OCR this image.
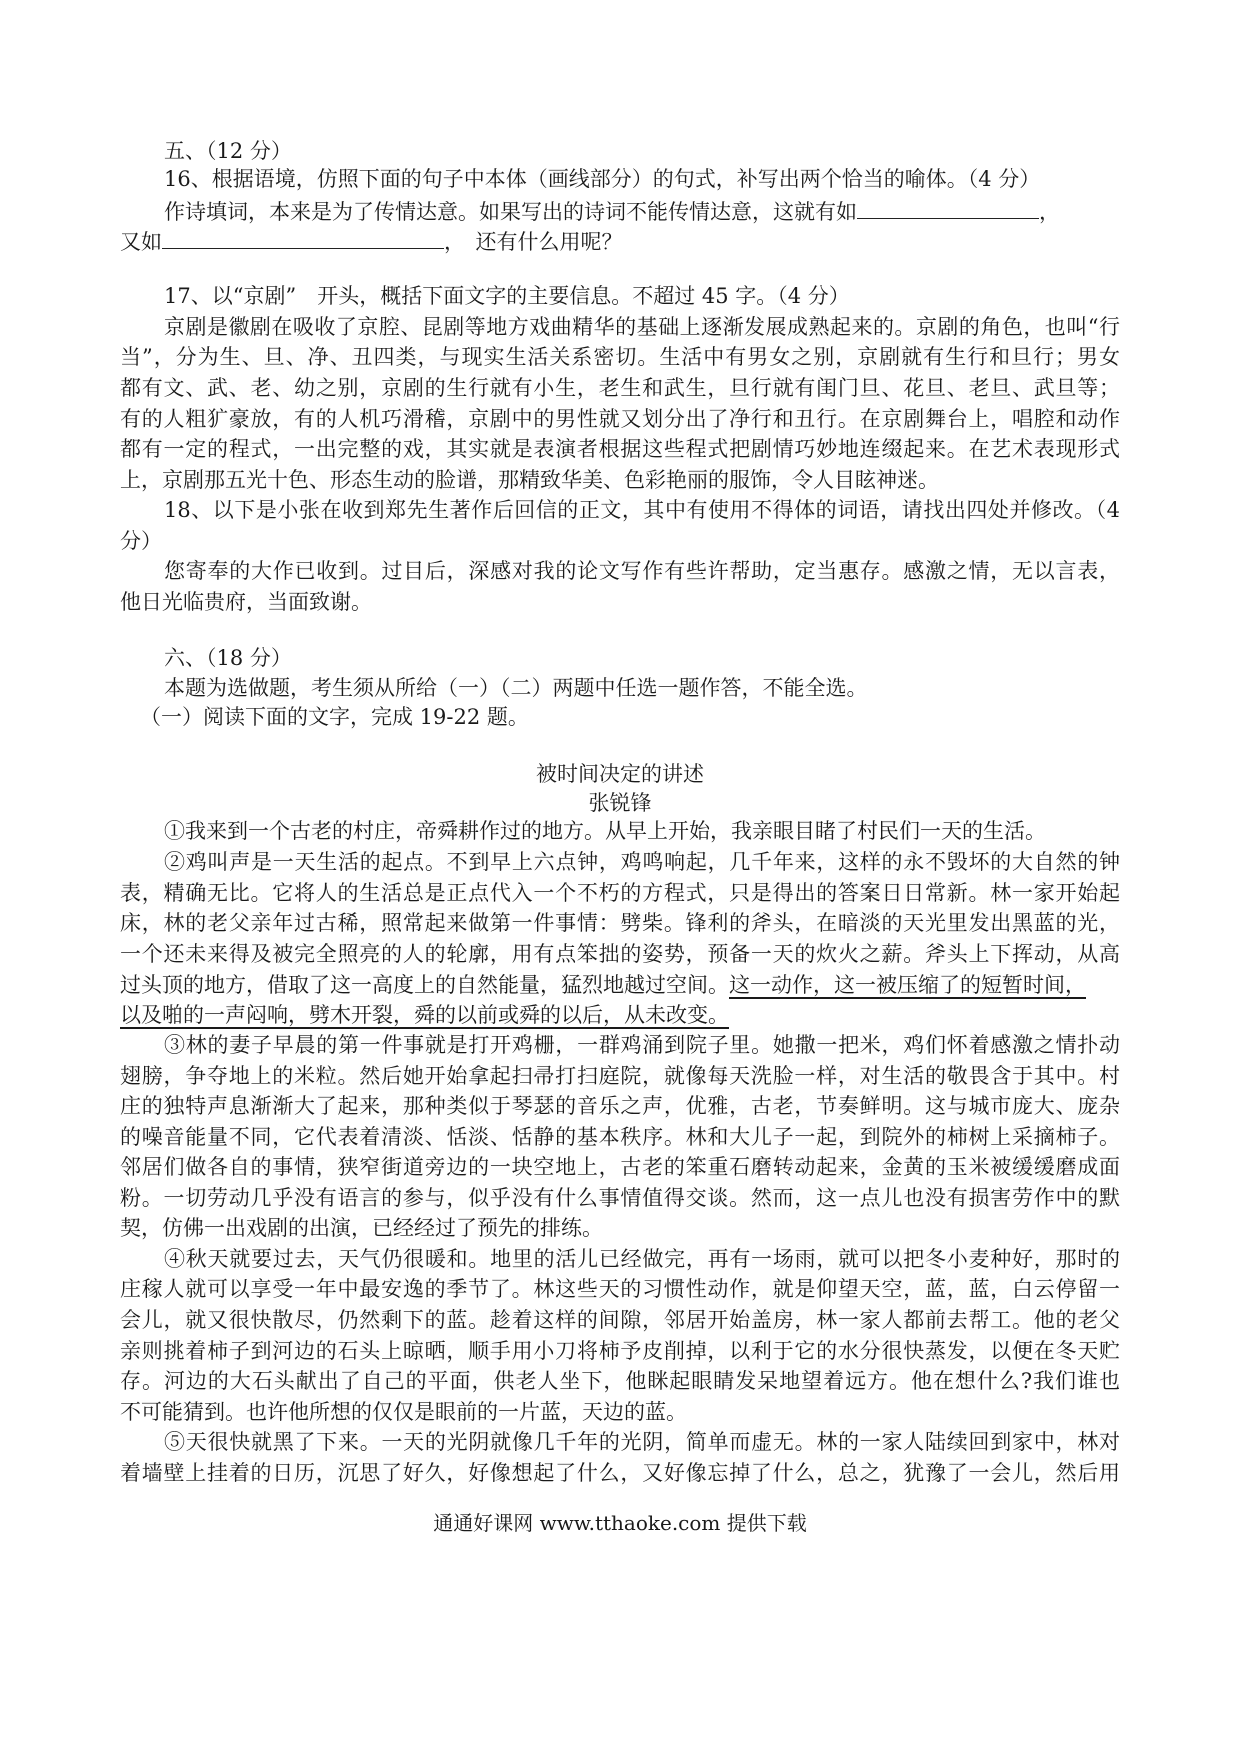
五、（12 分）
16、根据语境，仿照下面的句子中本体（画线部分）的句式，补写出两个恰当的喻体。（4 分）
作诗填词，本来是为了传情达意。如果写出的诗词不能传情达意，这就有如	，
又如	，　还有什么用呢？
17、以“京剧”　开头，概括下面文字的主要信息。不超过 45 字。（4 分）
京剧是徽剧在吸收了京腔、昆剧等地方戏曲精华的基础上逐渐发展成熟起来的。京剧的角色，也叫“行
当”，分为生、旦、净、丑四类，与现实生活关系密切。生活中有男女之别，京剧就有生行和旦行；男女
都有文、武、老、幼之别，京剧的生行就有小生，老生和武生，旦行就有闺门旦、花旦、老旦、武旦等；
有的人粗犷豪放，有的人机巧滑稽，京剧中的男性就又划分出了净行和丑行。在京剧舞台上，唱腔和动作
都有一定的程式，一出完整的戏，其实就是表演者根据这些程式把剧情巧妙地连缀起来。在艺术表现形式
上，京剧那五光十色、形态生动的脸谱，那精致华美、色彩艳丽的服饰，令人目眩神迷。
18、以下是小张在收到郑先生著作后回信的正文，其中有使用不得体的词语，请找出四处并修改。（4
分）
您寄奉的大作已收到。过目后，深感对我的论文写作有些许帮助，定当惠存。感激之情，无以言表，
他日光临贵府，当面致谢。
六、（18 分）
本题为选做题，考生须从所给（一）（二）两题中任选一题作答，不能全选。
（一）阅读下面的文字，完成 19-22 题。
被时间决定的讲述
张锐锋
①我来到一个古老的村庄，帝舜耕作过的地方。从早上开始，我亲眼目睹了村民们一天的生活。
②鸡叫声是一天生活的起点。不到早上六点钟，鸡鸣响起，几千年来，这样的永不毁坏的大自然的钟
表，精确无比。它将人的生活总是正点代入一个不朽的方程式，只是得出的答案日日常新。林一家开始起
床，林的老父亲年过古稀，照常起来做第一件事情：劈柴。锋利的斧头，在暗淡的天光里发出黑蓝的光，
一个还未来得及被完全照亮的人的轮廓，用有点笨拙的姿势，预备一天的炊火之薪。斧头上下挥动，从高
过头顶的地方，借取了这一高度上的自然能量，猛烈地越过空间。这一动作，这一被压缩了的短暂时间，
以及啪的一声闷响，劈木开裂，舜的以前或舜的以后，从未改变。
③林的妻子早晨的第一件事就是打开鸡栅，一群鸡涌到院子里。她撒一把米，鸡们怀着感激之情扑动
翅膀，争夺地上的米粒。然后她开始拿起扫帚打扫庭院，就像每天洗脸一样，对生活的敬畏含于其中。村
庄的独特声息渐渐大了起来，那种类似于琴瑟的音乐之声，优雅，古老，节奏鲜明。这与城市庞大、庞杂
的噪音能量不同，它代表着清淡、恬淡、恬静的基本秩序。林和大儿子一起，到院外的柿树上采摘柿子。
邻居们做各自的事情，狭窄街道旁边的一块空地上，古老的笨重石磨转动起来，金黄的玉米被缓缓磨成面
粉。一切劳动几乎没有语言的参与，似乎没有什么事情值得交谈。然而，这一点儿也没有损害劳作中的默
契，仿佛一出戏剧的出演，已经经过了预先的排练。
④秋天就要过去，天气仍很暖和。地里的活儿已经做完，再有一场雨，就可以把冬小麦种好，那时的
庄稼人就可以享受一年中最安逸的季节了。林这些天的习惯性动作，就是仰望天空，蓝，蓝，白云停留一
会儿，就又很快散尽，仍然剩下的蓝。趁着这样的间隙，邻居开始盖房，林一家人都前去帮工。他的老父
亲则挑着柿子到河边的石头上晾晒，顺手用小刀将柿予皮削掉，以利于它的水分很快蒸发，以便在冬天贮
存。河边的大石头献出了自己的平面，供老人坐下，他眯起眼睛发呆地望着远方。他在想什么?我们谁也
不可能猜到。也许他所想的仅仅是眼前的一片蓝，天边的蓝。
⑤天很快就黑了下来。一天的光阴就像几千年的光阴，简单而虚无。林的一家人陆续回到家中，林对
着墙壁上挂着的日历，沉思了好久，好像想起了什么，又好像忘掉了什么，总之，犹豫了一会儿，然后用
通通好课网 www.tthaoke.com 提供下载
